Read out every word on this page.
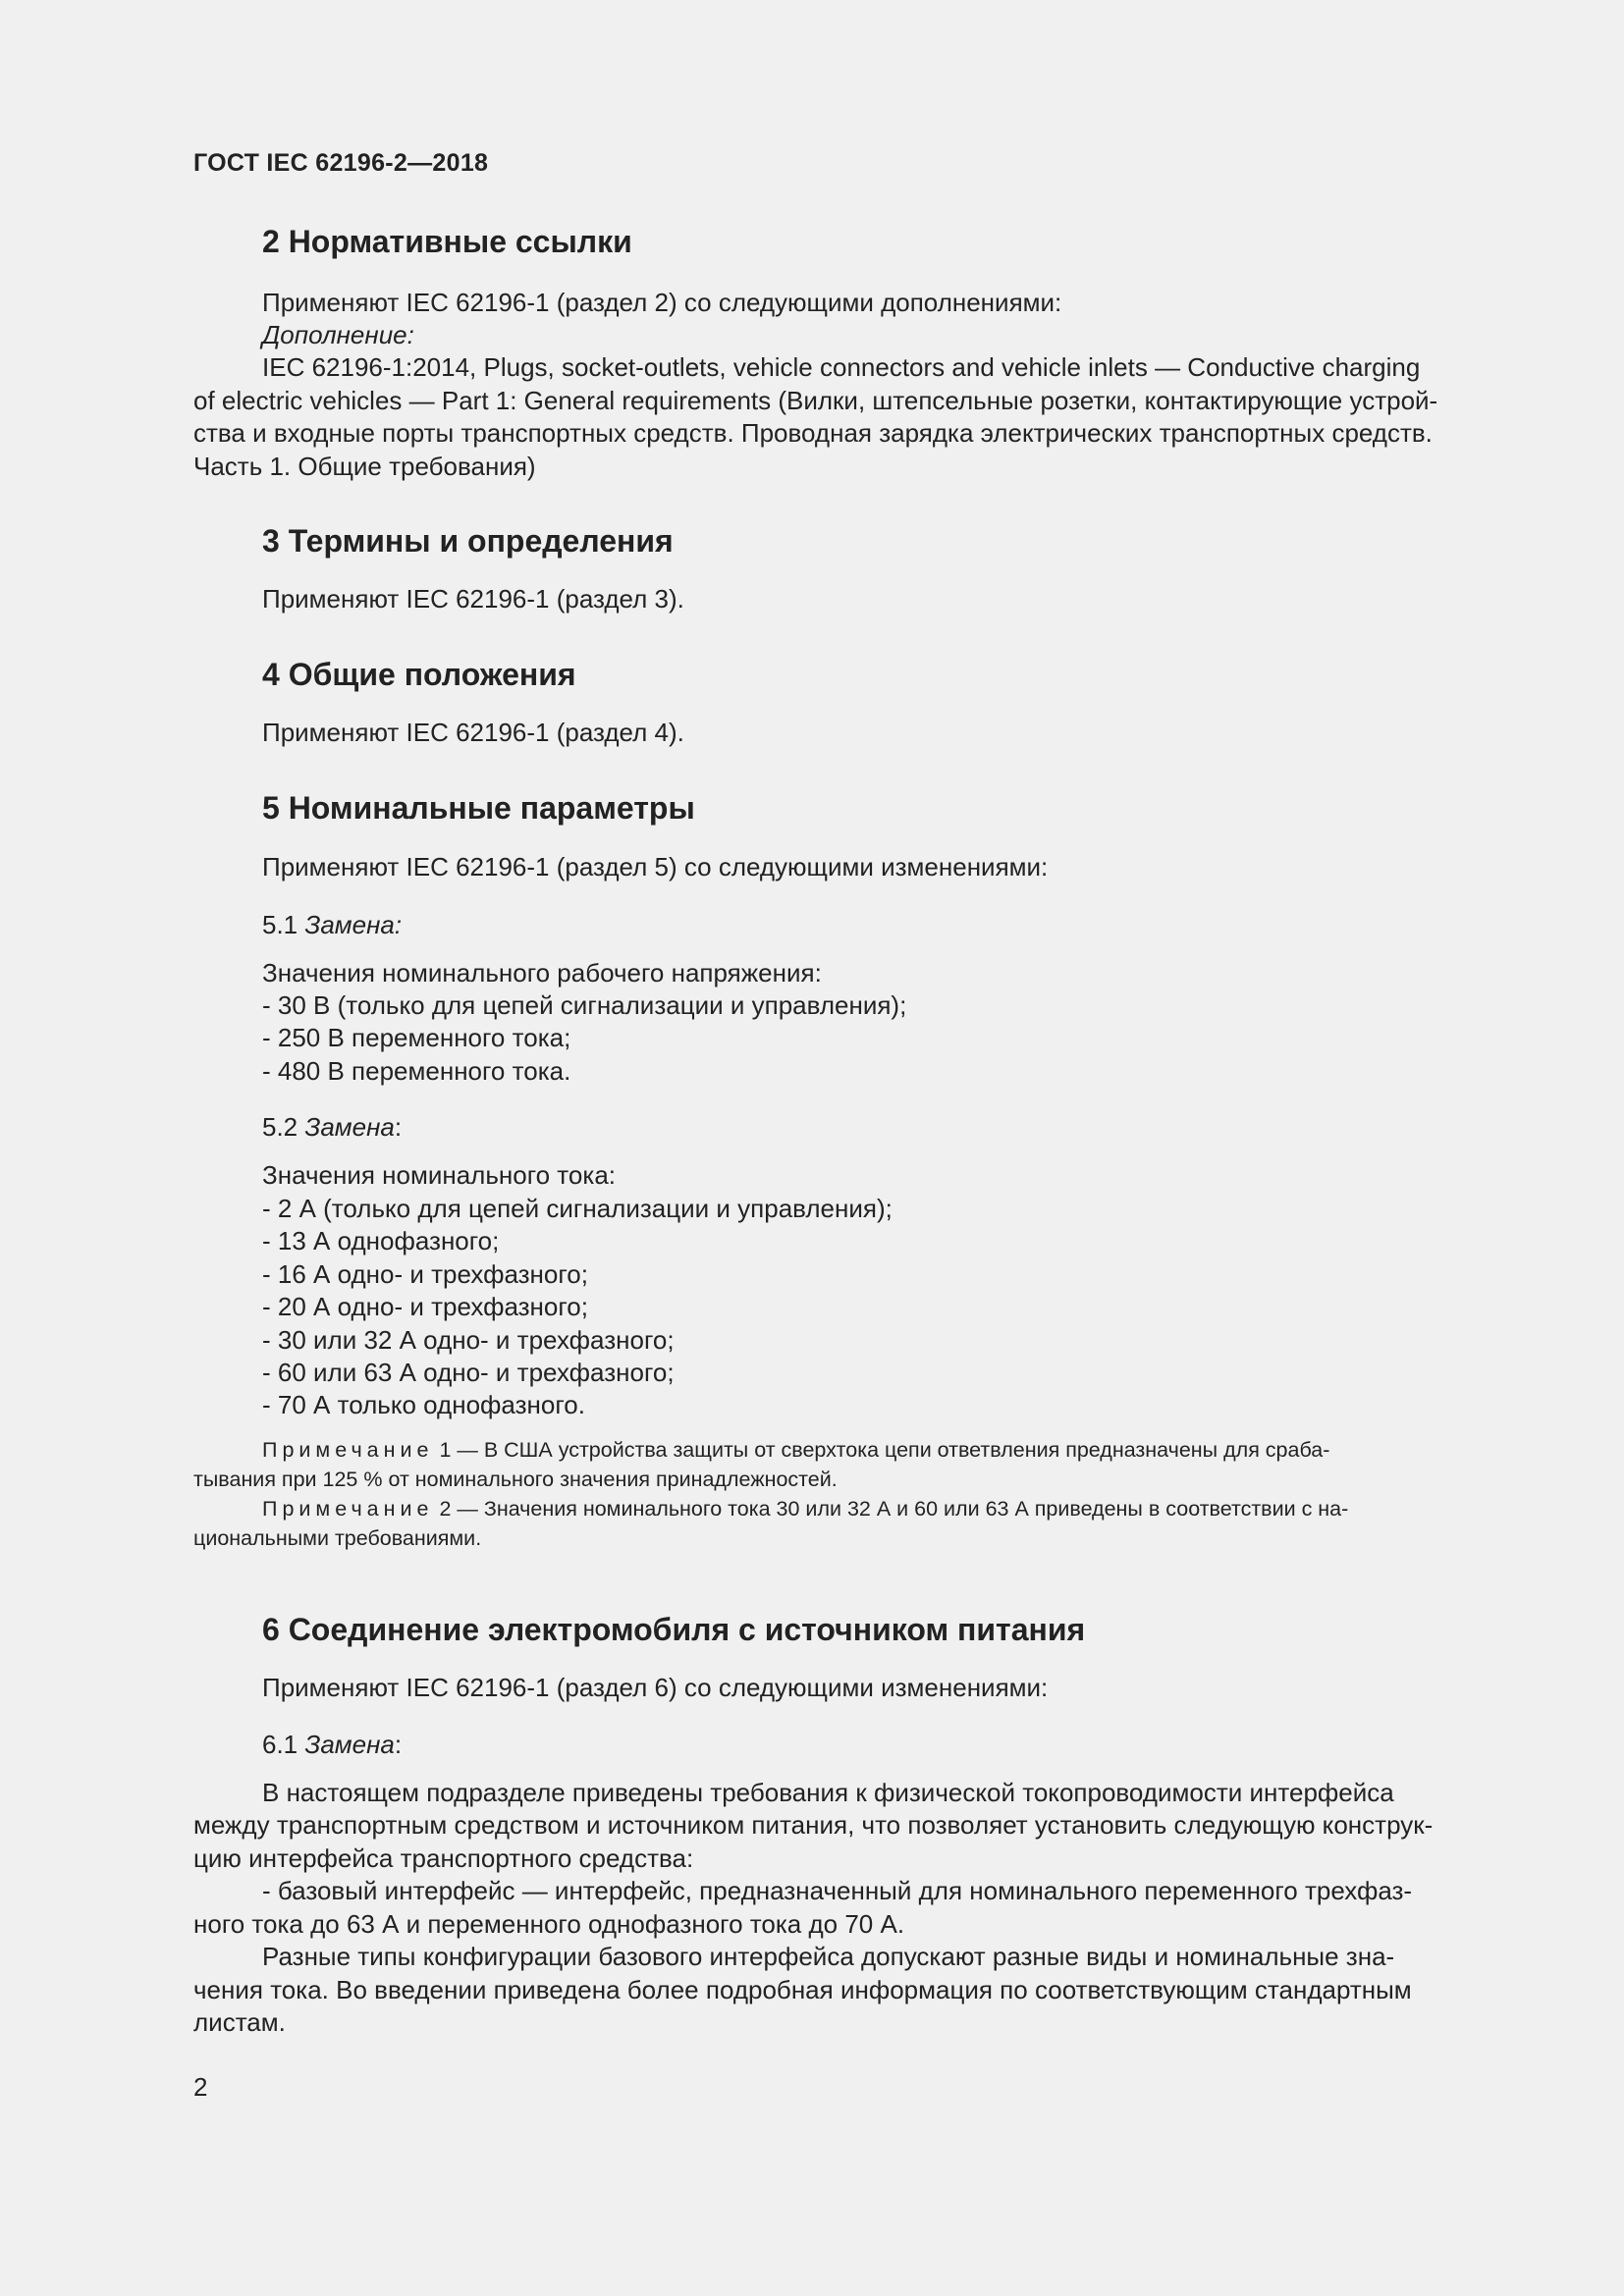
ГОСТ IEC 62196-2—2018
2 Нормативные ссылки
Применяют IEC 62196-1 (раздел 2) со следующими дополнениями:
Дополнение:
IEC 62196-1:2014, Plugs, socket-outlets, vehicle connectors and vehicle inlets — Conductive charging
of electric vehicles — Part 1: General requirements (Вилки, штепсельные розетки, контактирующие устрой-
ства и входные порты транспортных средств. Проводная зарядка электрических транспортных средств.
Часть 1. Общие требования)
3 Термины и определения
Применяют IEC 62196-1 (раздел 3).
4 Общие положения
Применяют IEC 62196-1 (раздел 4).
5 Номинальные параметры
Применяют IEC 62196-1 (раздел 5) со следующими изменениями:
5.1 Замена:
Значения номинального рабочего напряжения:
- 30 В (только для цепей сигнализации и управления);
- 250 В переменного тока;
- 480 В переменного тока.
5.2 Замена:
Значения номинального тока:
- 2 А (только для цепей сигнализации и управления);
- 13 А однофазного;
- 16 А одно- и трехфазного;
- 20 А одно- и трехфазного;
- 30 или 32 А одно- и трехфазного;
- 60 или 63 А одно- и трехфазного;
- 70 А только однофазного.
Примечание 1 — В США устройства защиты от сверхтока цепи ответвления предназначены для сраба-
тывания при 125 % от номинального значения принадлежностей.
Примечание 2 — Значения номинального тока 30 или 32 А и 60 или 63 А приведены в соответствии с на-
циональными требованиями.
6 Соединение электромобиля с источником питания
Применяют IEC 62196-1 (раздел 6) со следующими изменениями:
6.1 Замена:
В настоящем подразделе приведены требования к физической токопроводимости интерфейса
между транспортным средством и источником питания, что позволяет установить следующую конструк-
цию интерфейса транспортного средства:
- базовый интерфейс — интерфейс, предназначенный для номинального переменного трехфаз-
ного тока до 63 А и переменного однофазного тока до 70 А.
Разные типы конфигурации базового интерфейса допускают разные виды и номинальные зна-
чения тока. Во введении приведена более подробная информация по соответствующим стандартным
листам.
2
